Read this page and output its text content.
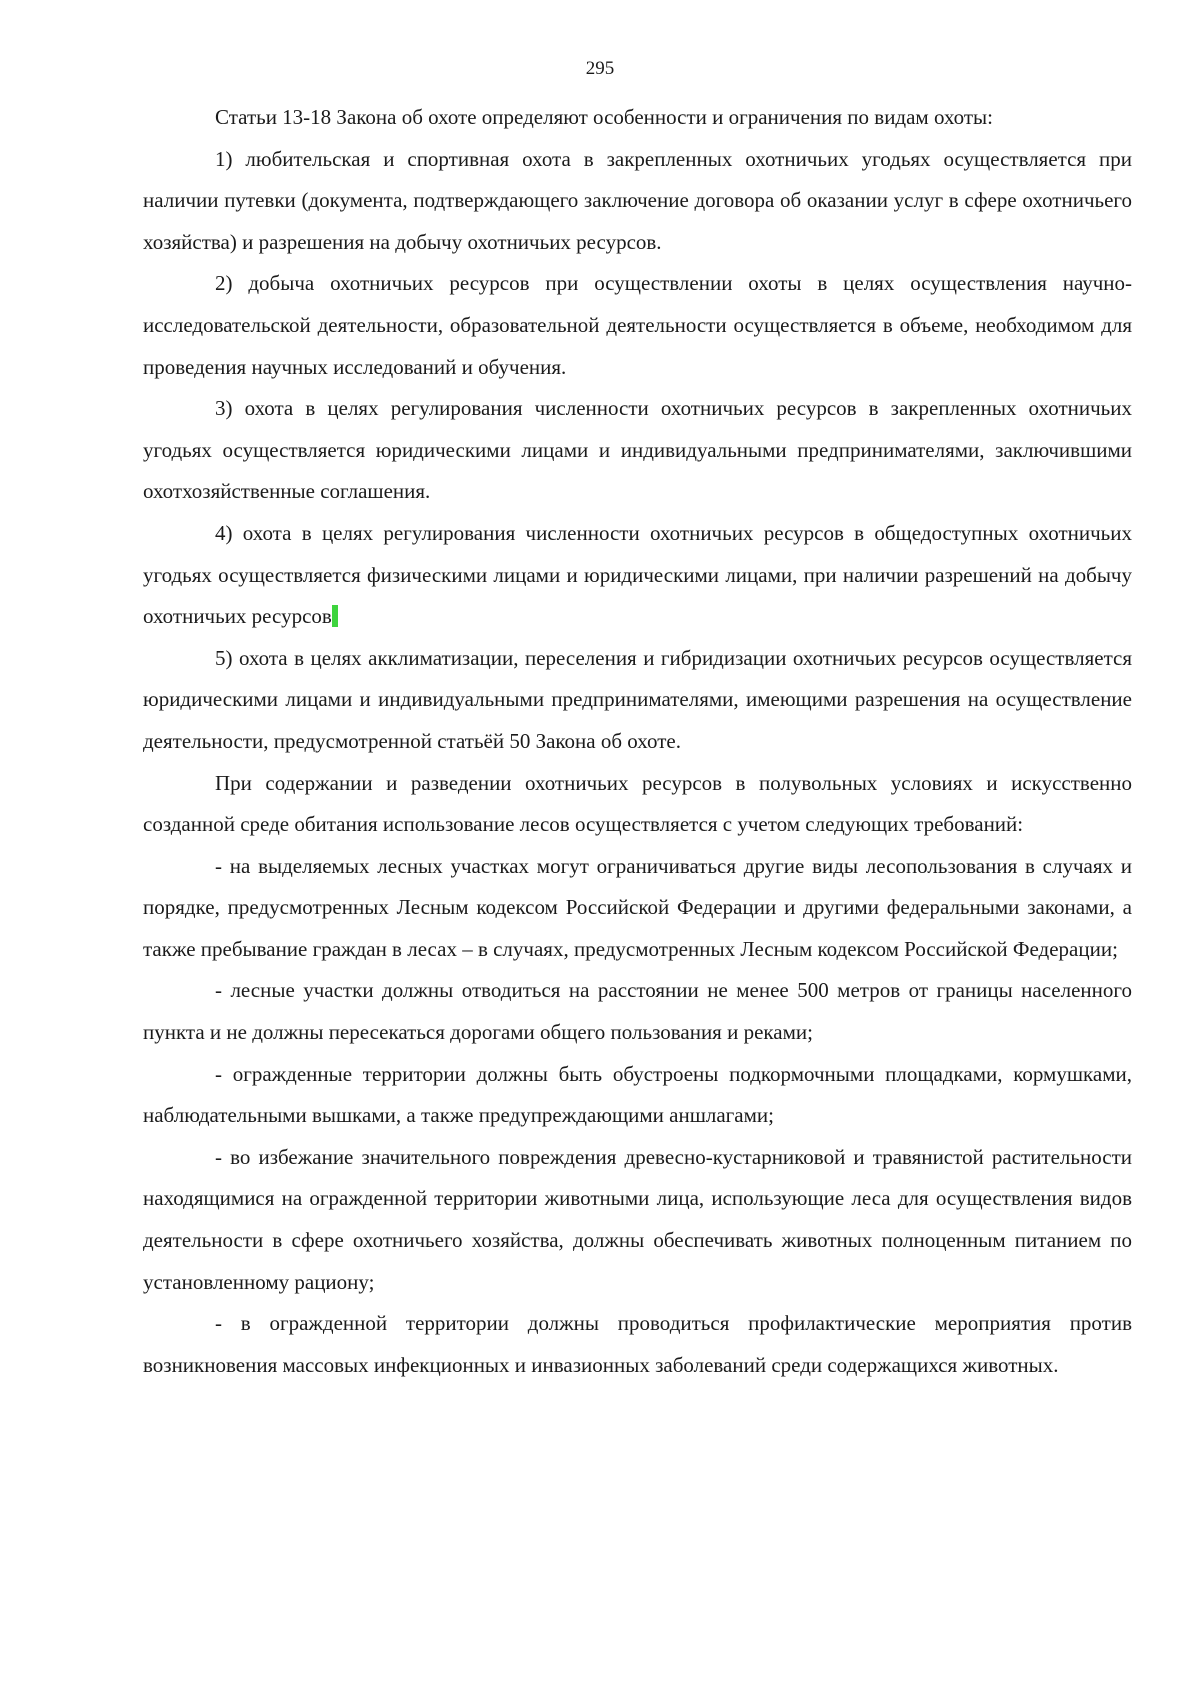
295

Статьи 13-18 Закона об охоте определяют особенности и ограничения по видам охоты:

1) любительская и спортивная охота в закрепленных охотничьих угодьях осуществляется при наличии путевки (документа, подтверждающего заключение договора об оказании услуг в сфере охотничьего хозяйства) и разрешения на добычу охотничьих ресурсов.

2) добыча охотничьих ресурсов при осуществлении охоты в целях осуществления научно-исследовательской деятельности, образовательной деятельности осуществляется в объеме, необходимом для проведения научных исследований и обучения.

3) охота в целях регулирования численности охотничьих ресурсов в закрепленных охотничьих угодьях осуществляется юридическими лицами и индивидуальными предпринимателями, заключившими охотхозяйственные соглашения.

4) охота в целях регулирования численности охотничьих ресурсов в общедоступных охотничьих угодьях осуществляется физическими лицами и юридическими лицами, при наличии разрешений на добычу охотничьих ресурсов

5) охота в целях акклиматизации, переселения и гибридизации охотничьих ресурсов осуществляется юридическими лицами и индивидуальными предпринимателями, имеющими разрешения на осуществление деятельности, предусмотренной статьёй 50 Закона об охоте.

При содержании и разведении охотничьих ресурсов в полувольных условиях и искусственно созданной среде обитания использование лесов осуществляется с учетом следующих требований:

- на выделяемых лесных участках могут ограничиваться другие виды лесопользования в случаях и порядке, предусмотренных Лесным кодексом Российской Федерации и другими федеральными законами, а также пребывание граждан в лесах – в случаях, предусмотренных Лесным кодексом Российской Федерации;

- лесные участки должны отводиться на расстоянии не менее 500 метров от границы населенного пункта и не должны пересекаться дорогами общего пользования и реками;

- огражденные территории должны быть обустроены подкормочными площадками, кормушками, наблюдательными вышками, а также предупреждающими аншлагами;

- во избежание значительного повреждения древесно-кустарниковой и травянистой растительности находящимися на огражденной территории животными лица, использующие леса для осуществления видов деятельности в сфере охотничьего хозяйства, должны обеспечивать животных полноценным питанием по установленному рациону;

- в огражденной территории должны проводиться профилактические мероприятия против возникновения массовых инфекционных и инвазионных заболеваний среди содержащихся животных.
